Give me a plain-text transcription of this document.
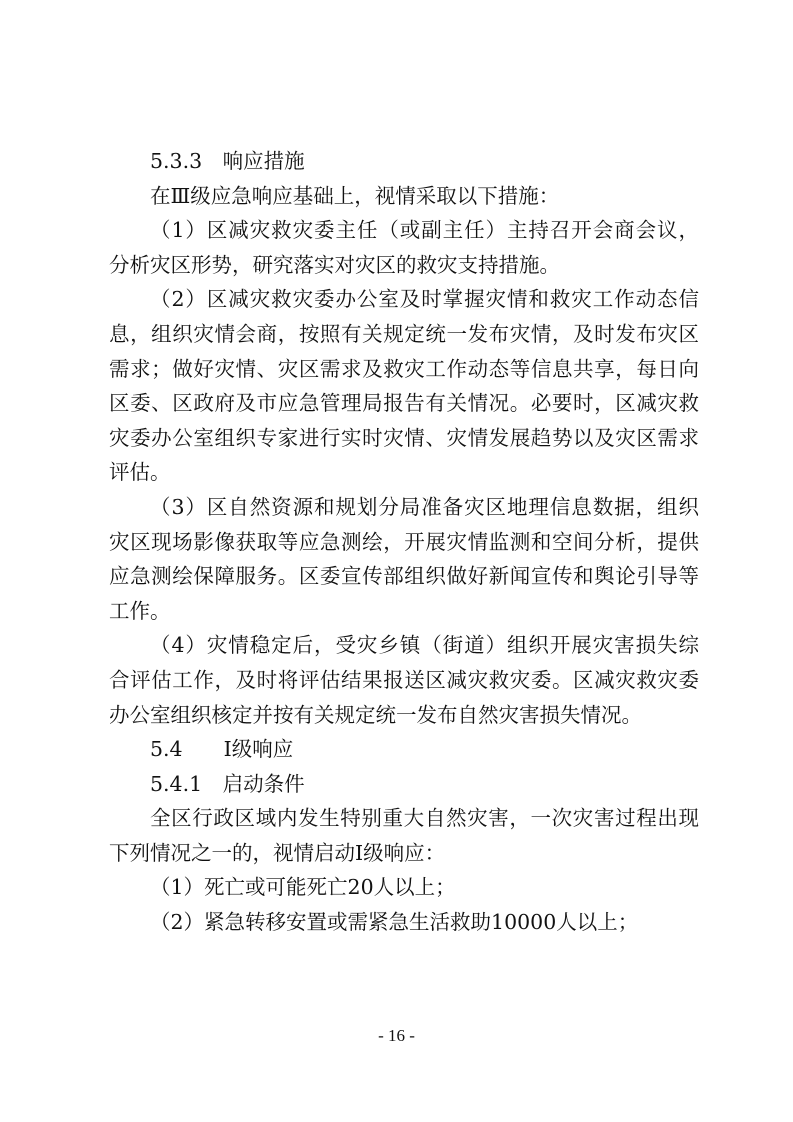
5.3.3　响应措施
在Ⅲ级应急响应基础上，视情采取以下措施：
（1）区减灾救灾委主任（或副主任）主持召开会商会议，
分析灾区形势，研究落实对灾区的救灾支持措施。
（2）区减灾救灾委办公室及时掌握灾情和救灾工作动态信
息，组织灾情会商，按照有关规定统一发布灾情，及时发布灾区
需求；做好灾情、灾区需求及救灾工作动态等信息共享，每日向
区委、区政府及市应急管理局报告有关情况。必要时，区减灾救
灾委办公室组织专家进行实时灾情、灾情发展趋势以及灾区需求
评估。
（3）区自然资源和规划分局准备灾区地理信息数据，组织
灾区现场影像获取等应急测绘，开展灾情监测和空间分析，提供
应急测绘保障服务。区委宣传部组织做好新闻宣传和舆论引导等
工作。
（4）灾情稳定后，受灾乡镇（街道）组织开展灾害损失综
合评估工作，及时将评估结果报送区减灾救灾委。区减灾救灾委
办公室组织核定并按有关规定统一发布自然灾害损失情况。
5.4　　Ⅰ级响应
5.4.1　启动条件
全区行政区域内发生特别重大自然灾害，一次灾害过程出现
下列情况之一的，视情启动Ⅰ级响应：
（1）死亡或可能死亡20人以上；
（2）紧急转移安置或需紧急生活救助10000人以上；
- 16 -
